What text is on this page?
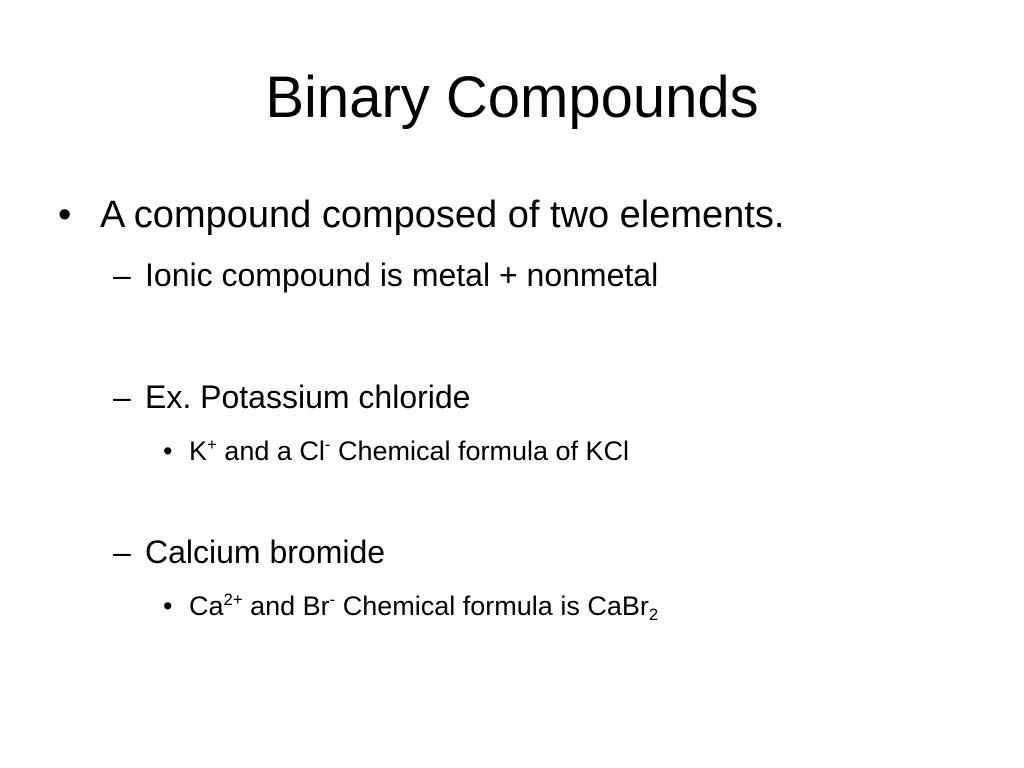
Binary Compounds
• A compound composed of two elements.
– Ionic compound is metal + nonmetal
– Ex. Potassium chloride
• K+ and a Cl- Chemical formula of KCl
– Calcium bromide
• $Ca^{2+}$ and Br- Chemical formula is CaBr$_2$
